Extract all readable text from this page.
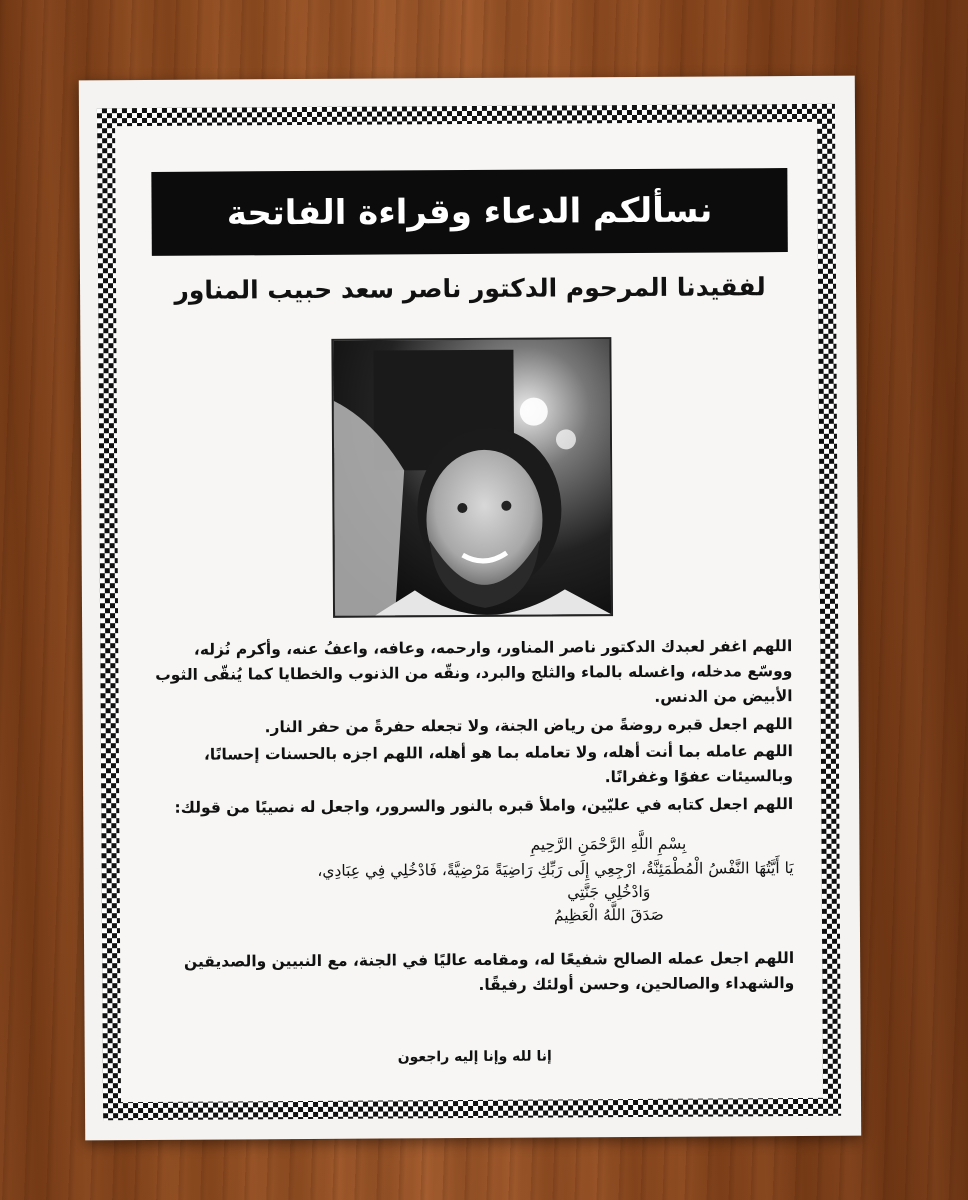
نسألكم الدعاء وقراءة الفاتحة
لفقيدنا المرحوم الدكتور ناصر سعد حبيب المناور
اللهم اغفر لعبدك الدكتور ناصر المناور، وارحمه، وعافه، واعفُ عنه، وأكرم نُزله، ووسّع مدخله، واغسله بالماء والثلج والبرد، ونقّه من الذنوب والخطايا كما يُنقّى الثوب الأبيض من الدنس.
اللهم اجعل قبره روضةً من رياض الجنة، ولا تجعله حفرةً من حفر النار.
اللهم عامله بما أنت أهله، ولا تعامله بما هو أهله، اللهم اجزه بالحسنات إحسانًا، وبالسيئات عفوًا وغفرانًا.
اللهم اجعل كتابه في عليّين، واملأ قبره بالنور والسرور، واجعل له نصيبًا من قولك:
بِسْمِ اللَّهِ الرَّحْمَنِ الرَّحِيمِ
يَا أَيَّتُهَا النَّفْسُ الْمُطْمَئِنَّةُ، ارْجِعِي إِلَى رَبِّكِ رَاضِيَةً مَرْضِيَّةً، فَادْخُلِي فِي عِبَادِي،
وَادْخُلِي جَنَّتِي
صَدَقَ اللَّهُ الْعَظِيمُ
اللهم اجعل عمله الصالح شفيعًا له، ومقامه عاليًا في الجنة، مع النبيين والصديقين والشهداء والصالحين، وحسن أولئك رفيقًا.
إنا لله وإنا إليه راجعون
